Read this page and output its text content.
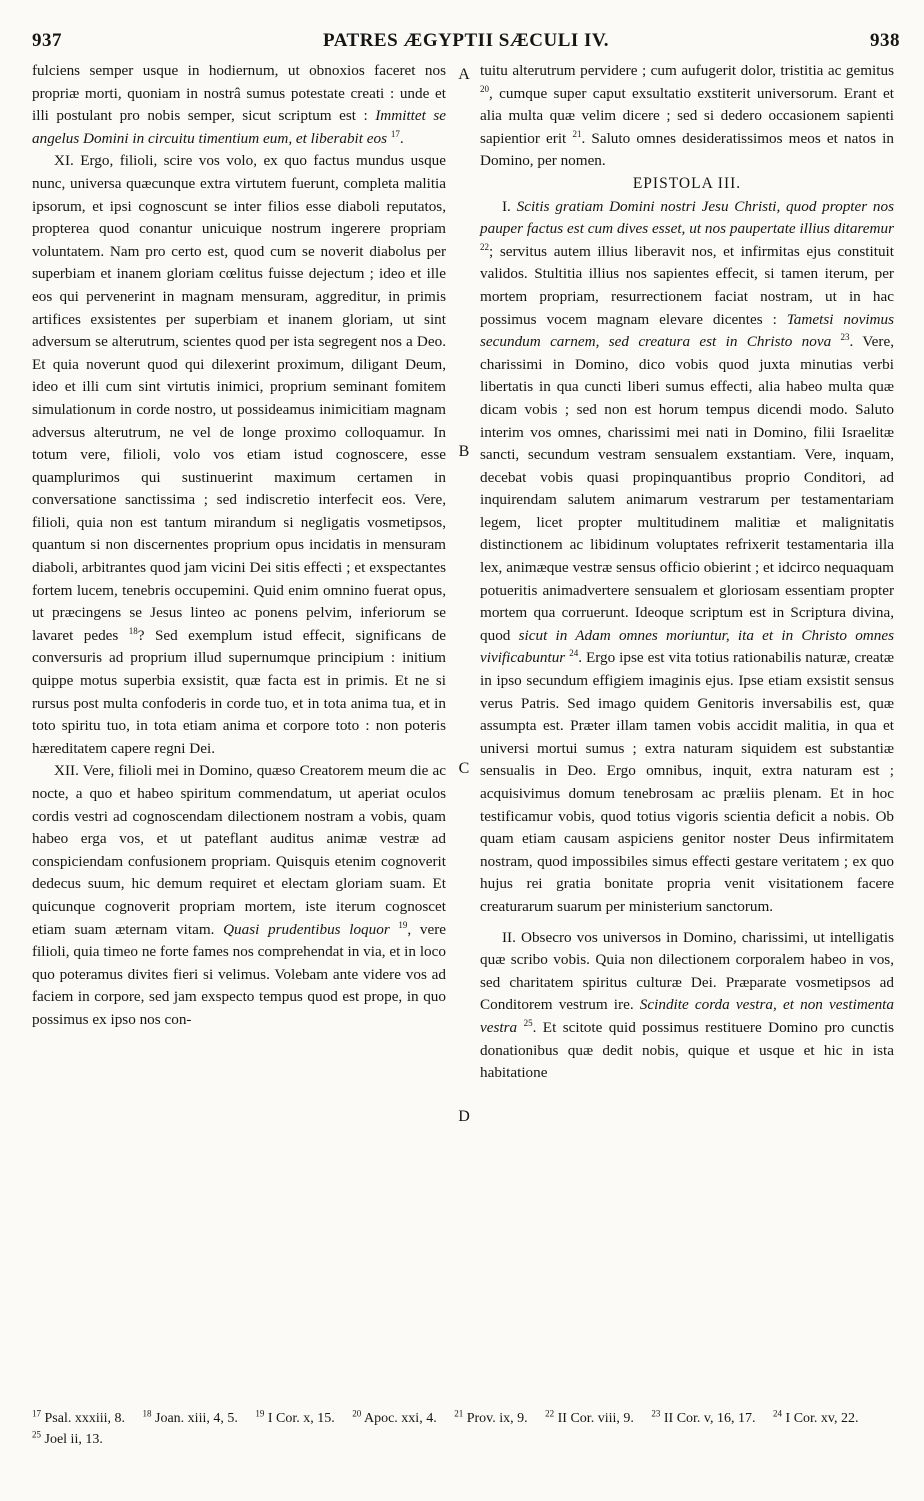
937	PATRES ÆGYPTII SÆCULI IV.	938

fulciens semper usque in hodiernum, ut obnoxios faceret nos propriæ morti, quoniam in nostrâ sumus potestate creati : unde et illi postulant pro nobis semper, sicut scriptum est : Immittet se angelus Domini in circuitu timentium eum, et liberabit eos $^{17}$.

XI. Ergo, filioli, scire vos volo, ex quo factus mundus usque nunc, universa quæcunque extra virtutem fuerunt, completa malitia ipsorum, et ipsi cognoscunt se inter filios esse diaboli reputatos, propterea quod conantur unicuique nostrum ingerere propriam voluntatem. Nam pro certo est, quod cum se noverit diabolus per superbiam et inanem gloriam cœlitus fuisse dejectum ; ideo et ille eos qui pervenerint in magnam mensuram, aggreditur, in primis artifices exsistentes per superbiam et inanem gloriam, ut sint adversum se alterutrum, scientes quod per ista segregent nos a Deo. Et quia noverunt quod qui dilexerint proximum, diligant Deum, ideo et illi cum sint virtutis inimici, proprium seminant fomitem simulationum in corde nostro, ut possideamus inimicitiam magnam adversus alterutrum, ne vel de longe proximo colloquamur. In totum vere, filioli, volo vos etiam istud cognoscere, esse quamplurimos qui sustinuerint maximum certamen in conversatione sanctissima ; sed indiscretio interfecit eos. Vere, filioli, quia non est tantum mirandum si negligatis vosmetipsos, quantum si non discernentes proprium opus incidatis in mensuram diaboli, arbitrantes quod jam vicini Dei sitis effecti ; et exspectantes fortem lucem, tenebris occupemini. Quid enim omnino fuerat opus, ut præcingens se Jesus linteo ac ponens pelvim, inferiorum se lavaret pedes $^{18}$? Sed exemplum istud effecit, significans de conversuris ad proprium illud supernumque principium : initium quippe motus superbia exsistit, quæ facta est in primis. Et ne si rursus post multa confoderis in corde tuo, et in tota anima tua, et in toto spiritu tuo, in tota etiam anima et corpore toto : non poteris hæreditatem capere regni Dei.

XII. Vere, filioli mei in Domino, quæso Creatorem meum die ac nocte, a quo et habeo spiritum commendatum, ut aperiat oculos cordis vestri ad cognoscendam dilectionem nostram a vobis, quam habeo erga vos, et ut pateflant auditus animæ vestræ ad conspiciendam confusionem propriam. Quisquis etenim cognoverit dedecus suum, hic demum requiret et electam gloriam suam. Et quicunque cognoverit propriam mortem, iste iterum cognoscet etiam suam æternam vitam. Quasi prudentibus loquor $^{19}$, vere filioli, quia timeo ne forte fames nos comprehendat in via, et in loco quo poteramus divites fieri si velimus. Volebam ante videre vos ad faciem in corpore, sed jam exspecto tempus quod est prope, in quo possimus ex ipso nos con-

A
B
C
D

tuitu alterutrum pervidere ; cum aufugerit dolor, tristitia ac gemitus $^{20}$, cumque super caput exsultatio exstiterit universorum. Erant et alia multa quæ velim dicere ; sed si dedero occasionem sapienti sapientior erit $^{21}$. Saluto omnes desideratissimos meos et natos in Domino, per nomen.

EPISTOLA III.

I. Scitis gratiam Domini nostri Jesu Christi, quod propter nos pauper factus est cum dives esset, ut nos paupertate illius ditaremur $^{22}$; servitus autem illius liberavit nos, et infirmitas ejus constituit validos. Stultitia illius nos sapientes effecit, si tamen iterum, per mortem propriam, resurrectionem faciat nostram, ut in hac possimus vocem magnam elevare dicentes : Tametsi novimus secundum carnem, sed creatura est in Christo nova $^{23}$. Vere, charissimi in Domino, dico vobis quod juxta minutias verbi libertatis in qua cuncti liberi sumus effecti, alia habeo multa quæ dicam vobis ; sed non est horum tempus dicendi modo. Saluto interim vos omnes, charissimi mei nati in Domino, filii Israelitæ sancti, secundum vestram sensualem exstantiam. Vere, inquam, decebat vobis quasi propinquantibus proprio Conditori, ad inquirendam salutem animarum vestrarum per testamentariam legem, licet propter multitudinem malitiæ et malignitatis distinctionem ac libidinum voluptates refrixerit testamentaria illa lex, animæque vestræ sensus officio obierint ; et idcirco nequaquam potueritis animadvertere sensualem et gloriosam essentiam propter mortem qua corruerunt. Ideoque scriptum est in Scriptura divina, quod sicut in Adam omnes moriuntur, ita et in Christo omnes vivificabuntur $^{24}$. Ergo ipse est vita totius rationabilis naturæ, creatæ in ipso secundum effigiem imaginis ejus. Ipse etiam exsistit sensus verus Patris. Sed imago quidem Genitoris inversabilis est, quæ assumpta est. Præter illam tamen vobis accidit malitia, in qua et universi mortui sumus ; extra naturam siquidem est substantiæ sensualis in Deo. Ergo omnibus, inquit, extra naturam est ; acquisivimus domum tenebrosam ac præliis plenam. Et in hoc testificamur vobis, quod totius vigoris scientia deficit a nobis. Ob quam etiam causam aspiciens genitor noster Deus infirmitatem nostram, quod impossibiles simus effecti gestare veritatem ; ex quo hujus rei gratia bonitate propria venit visitationem facere creaturarum suarum per ministerium sanctorum.

II. Obsecro vos universos in Domino, charissimi, ut intelligatis quæ scribo vobis. Quia non dilectionem corporalem habeo in vos, sed charitatem spiritus culturæ Dei. Præparate vosmetipsos ad Conditorem vestrum ire. Scindite corda vestra, et non vestimenta vestra $^{25}$. Et scitote quid possimus restituere Domino pro cunctis donationibus quæ dedit nobis, quique et usque et hic in ista habitatione

$^{17}$ Psal. xxxiii, 8. $^{18}$ Joan. xiii, 4, 5. $^{19}$ I Cor. x, 15. $^{20}$ Apoc. xxi, 4. $^{21}$ Prov. ix, 9. $^{22}$ II Cor. viii, 9. $^{23}$ II Cor. v, 16, 17. $^{24}$ I Cor. xv, 22. $^{25}$ Joel ii, 13.
